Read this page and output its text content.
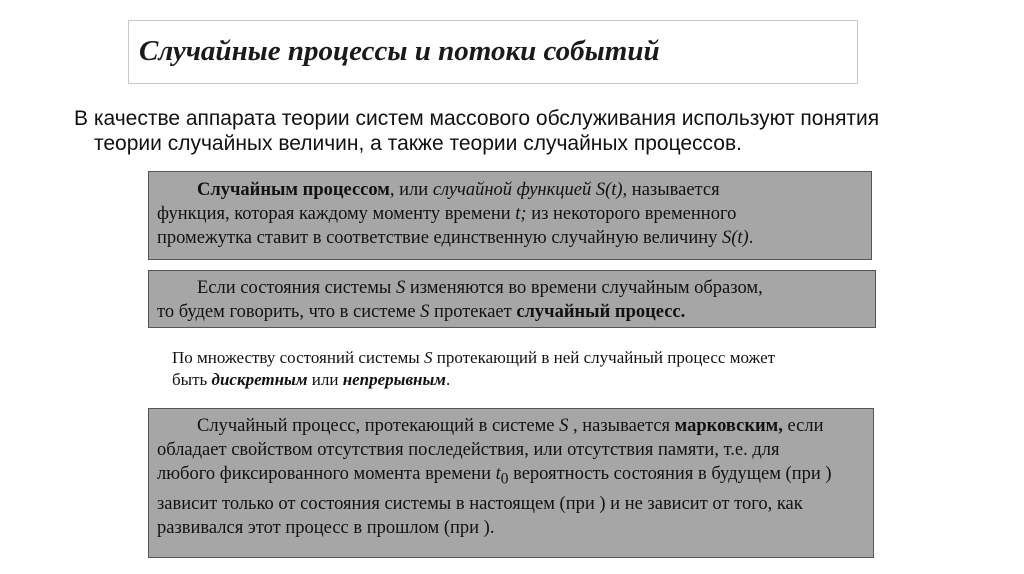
Случайные процессы и потоки событий
В качестве аппарата теории систем массового обслуживания используют понятия
теории случайных величин, а также теории случайных процессов.
Случайным процессом, или случайной функцией S(t), называется
функция, которая каждому моменту времени t; из некоторого временного
промежутка ставит в соответствие единственную случайную величину S(t).
Если состояния системы S изменяются во времени случайным образом,
то будем говорить, что в системе S протекает случайный процесс.
По множеству состояний системы S протекающий в ней случайный процесс может
быть дискретным или непрерывным.
Случайный процесс, протекающий в системе S , называется марковским, если
обладает свойством отсутствия последействия, или отсутствия памяти, т.е. для
любого фиксированного момента времени $t_0$ вероятность состояния в будущем (при )
зависит только от состояния системы в настоящем (при ) и не зависит от того, как
развивался этот процесс в прошлом (при ).
